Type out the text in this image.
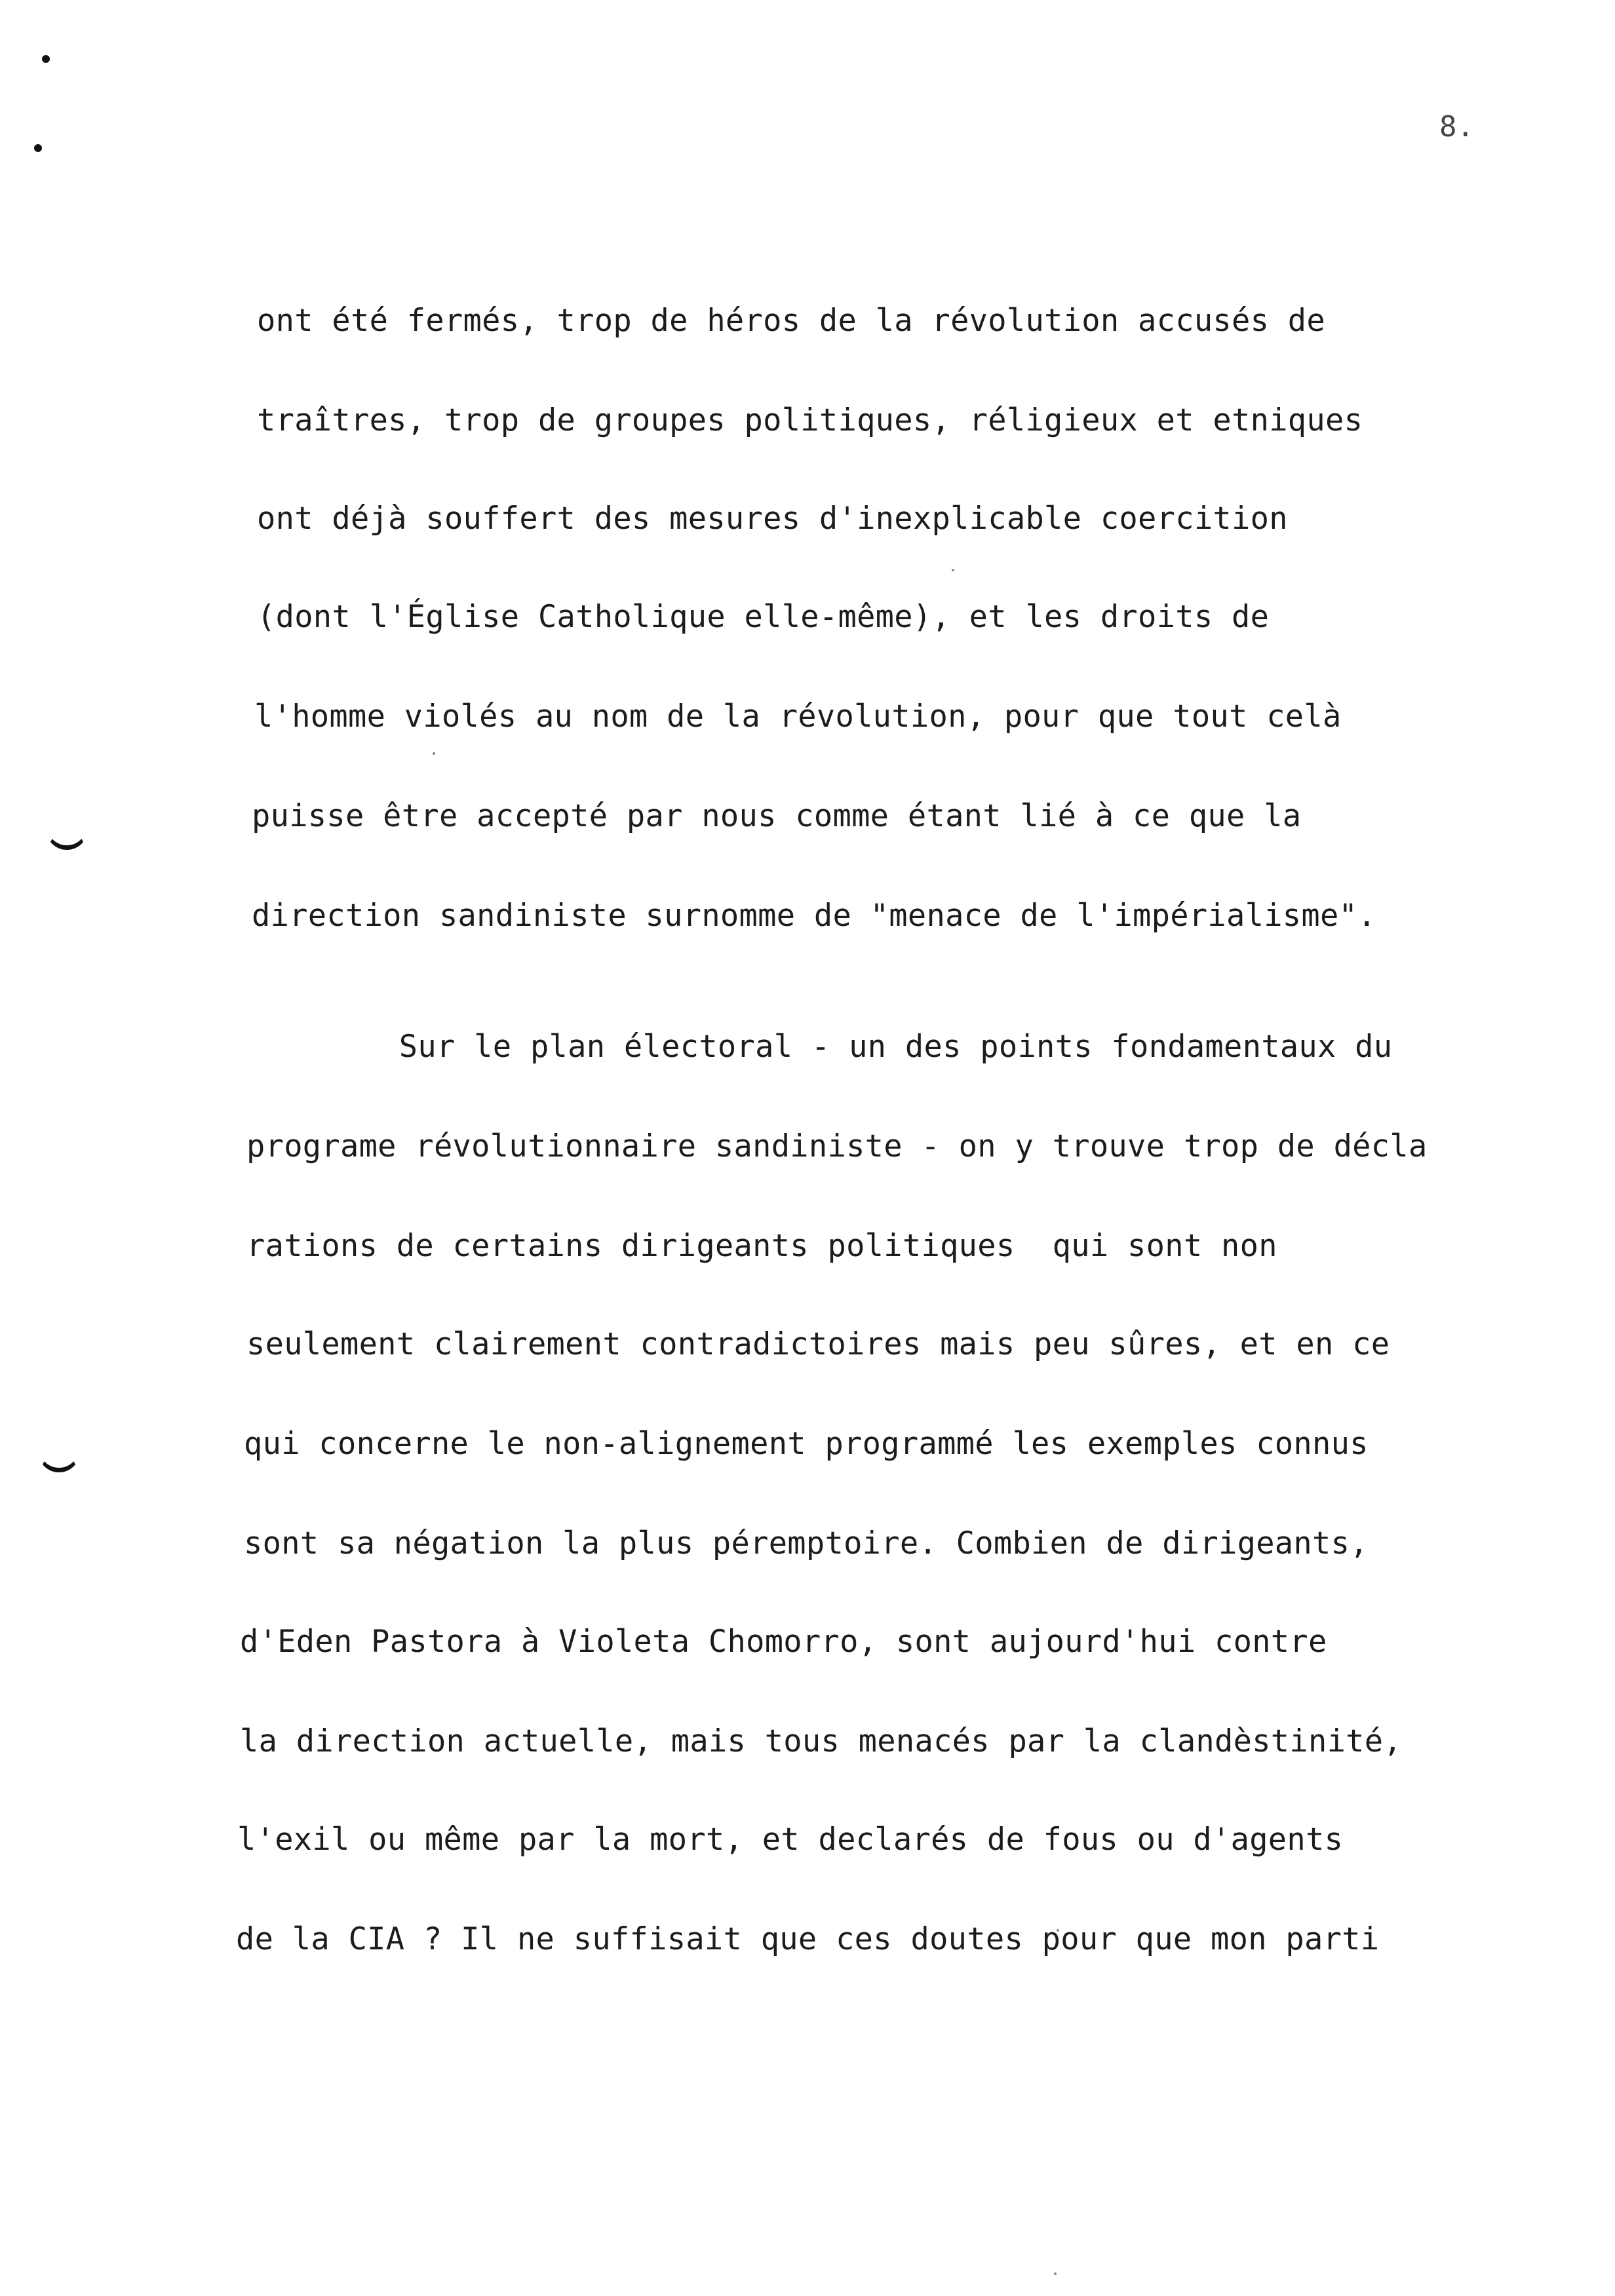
8.
ont été fermés, trop de héros de la révolution accusés de
traîtres, trop de groupes politiques, réligieux et etniques
ont déjà souffert des mesures d'inexplicable coercition
(dont l'Église Catholique elle-même), et les droits de
l'homme violés au nom de la révolution, pour que tout celà
puisse être accepté par nous comme étant lié à ce que la
direction sandiniste surnomme de "menace de l'impérialisme".
Sur le plan électoral - un des points fondamentaux du
programe révolutionnaire sandiniste - on y trouve trop de décla
rations de certains dirigeants politiques  qui sont non
seulement clairement contradictoires mais peu sûres, et en ce
qui concerne le non-alignement programmé les exemples connus
sont sa négation la plus péremptoire. Combien de dirigeants,
d'Eden Pastora à Violeta Chomorro, sont aujourd'hui contre
la direction actuelle, mais tous menacés par la clandèstinité,
l'exil ou même par la mort, et declarés de fous ou d'agents
de la CIA ? Il ne suffisait que ces doutes pour que mon parti
